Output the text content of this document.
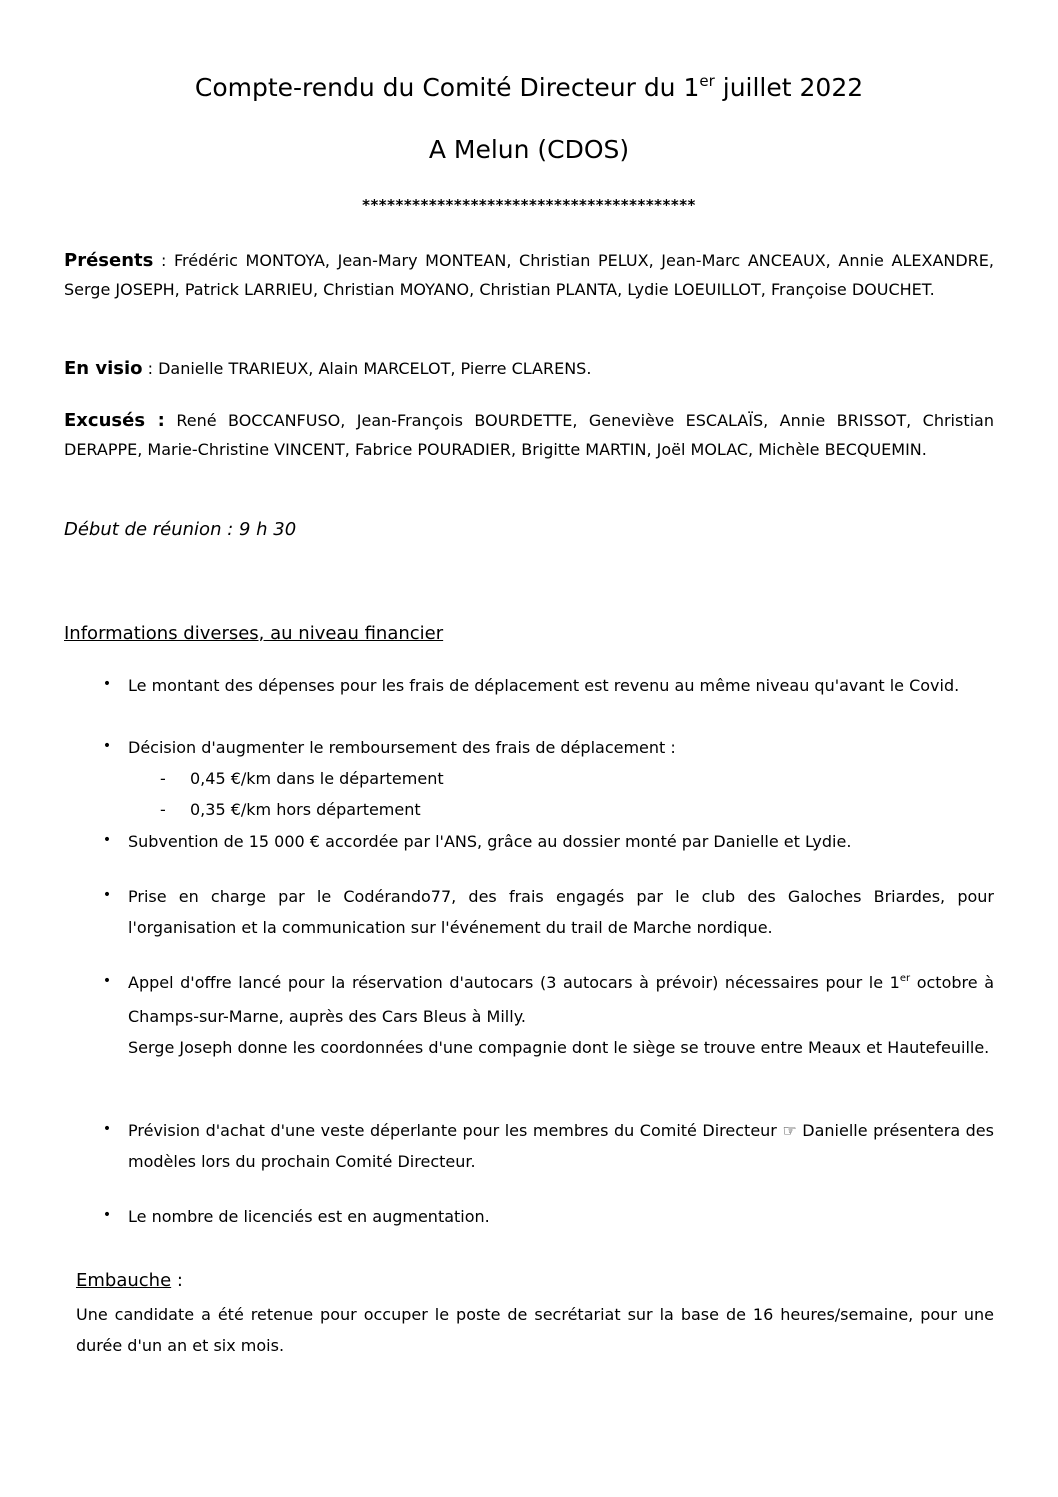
Compte-rendu du Comité Directeur du 1er juillet 2022
A Melun (CDOS)
****************************************
Présents : Frédéric MONTOYA, Jean-Mary MONTEAN, Christian PELUX, Jean-Marc ANCEAUX, Annie ALEXANDRE, Serge JOSEPH, Patrick LARRIEU, Christian MOYANO, Christian PLANTA, Lydie LOEUILLOT, Françoise DOUCHET.
En visio : Danielle TRARIEUX, Alain MARCELOT, Pierre CLARENS.
Excusés : René BOCCANFUSO, Jean-François BOURDETTE, Geneviève ESCALAÏS, Annie BRISSOT, Christian DERAPPE, Marie-Christine VINCENT, Fabrice POURADIER, Brigitte MARTIN, Joël MOLAC, Michèle BECQUEMIN.
Début de réunion : 9 h 30
Informations diverses, au niveau financier
•	Le montant des dépenses pour les frais de déplacement est revenu au même niveau qu'avant le Covid.
•	Décision d'augmenter le remboursement des frais de déplacement :
- 0,45 €/km dans le département
- 0,35 €/km hors département
•	Subvention de 15 000 € accordée par l'ANS, grâce au dossier monté par Danielle et Lydie.
•	Prise en charge par le Codérando77, des frais engagés par le club des Galoches Briardes, pour l'organisation et la communication sur l'événement du trail de Marche nordique.
•	Appel d'offre lancé pour la réservation d'autocars (3 autocars à prévoir) nécessaires pour le 1er octobre à Champs-sur-Marne, auprès des Cars Bleus à Milly.
Serge Joseph donne les coordonnées d'une compagnie dont le siège se trouve entre Meaux et Hautefeuille.
•	Prévision d'achat d'une veste déperlante pour les membres du Comité Directeur ☞ Danielle présentera des modèles lors du prochain Comité Directeur.
•	Le nombre de licenciés est en augmentation.
Embauche :
Une candidate a été retenue pour occuper le poste de secrétariat sur la base de 16 heures/semaine, pour une durée d'un an et six mois.
